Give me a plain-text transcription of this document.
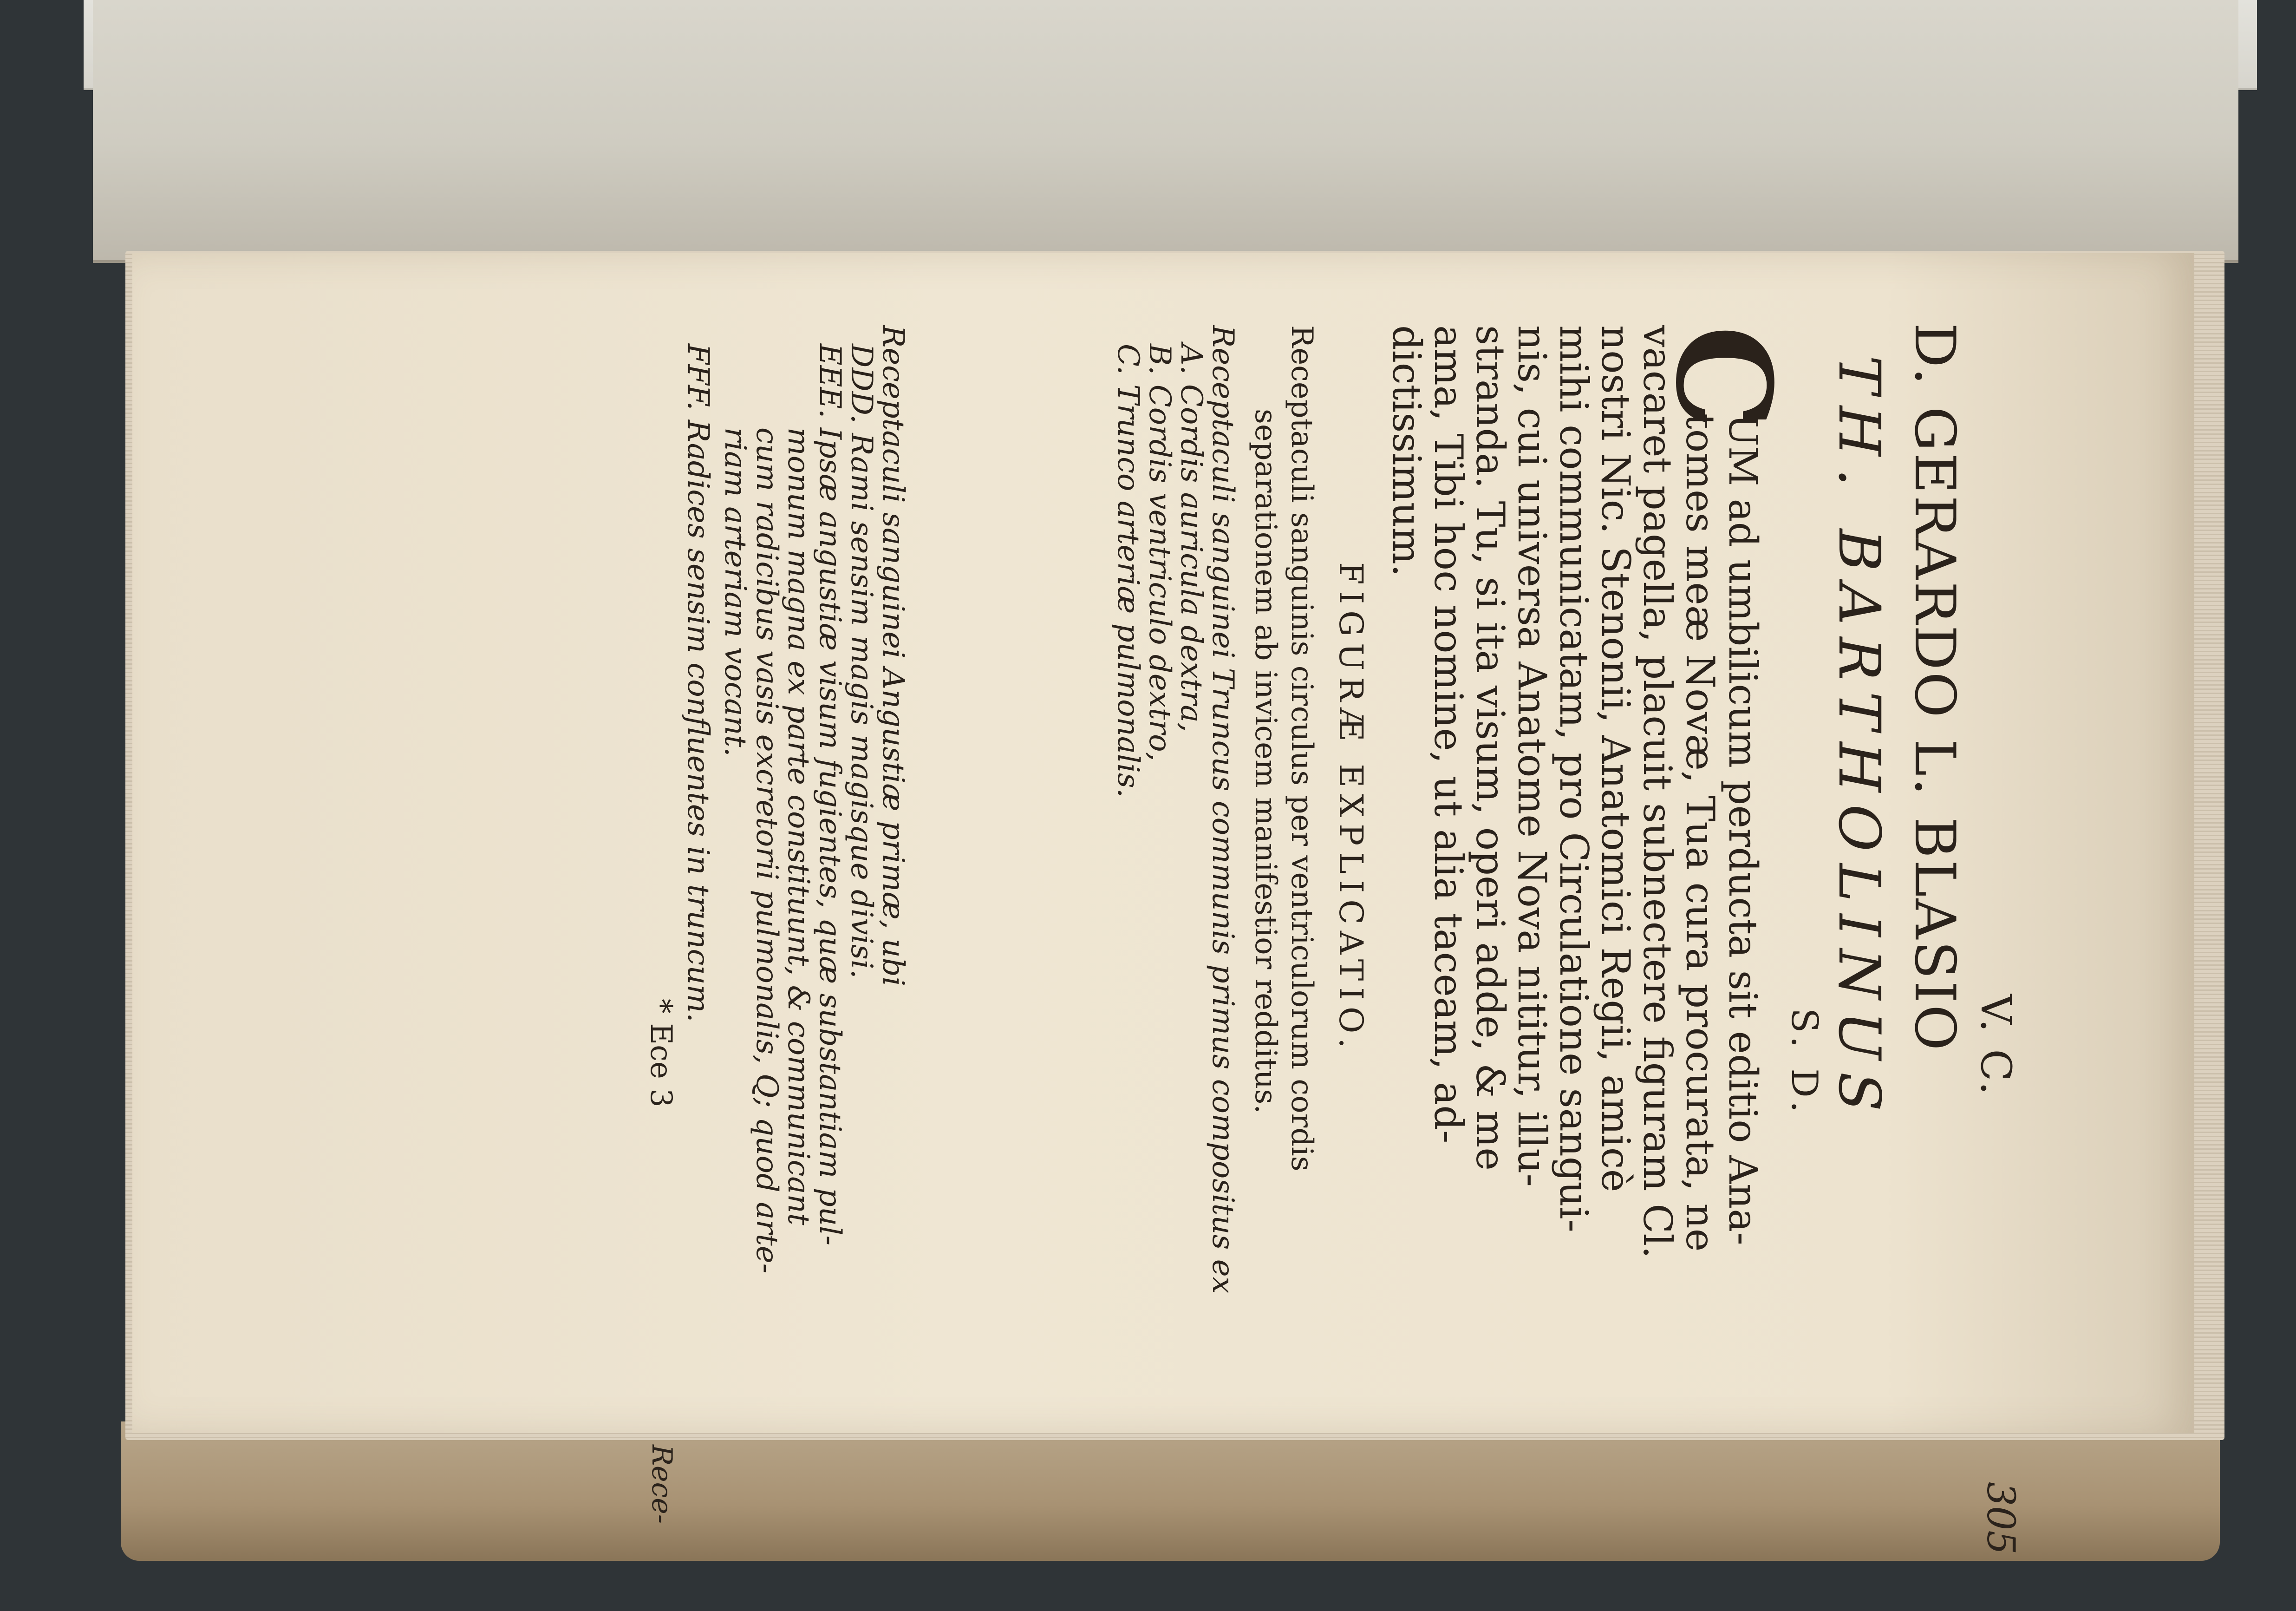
305
V. C.
D. GERARDO L. BLASIO
TH. BARTHOLINUS
S. D.
C
UM ad umbilicum perducta sit editio Ana-
tomes meæ Novæ, Tua cura procurata, ne
vacaret pagella, placuit subnectere figuram Cl.
nostri Nic. Stenonii, Anatomici Regii, amicè
mihi communicatam, pro Circulatione sangui-
nis, cui universa Anatome Nova nititur, illu-
stranda. Tu, si ita visum, operi adde, & me
ama, Tibi hoc nomine, ut alia taceam, ad-
dictissimum.
FIGURÆ EXPLICATIO.
Receptaculi sanguinis circulus per ventriculorum cordis
separationem ab invicem manifestior redditus.
Receptaculi sanguinei Truncus communis primus compositus ex
A. Cordis auricula dextra,
B. Cordis ventriculo dextro,
C. Trunco arteriæ pulmonalis.
Receptaculi sanguinei Angustiæ primæ, ubi
DDD. Rami sensim magis magisque divisi.
EEE. Ipsæ angustiæ visum fugientes, quæ substantiam pul-
monum magna ex parte constituunt, & communicant
cum radicibus vasis excretorii pulmonalis, Q; quod arte-
riam arteriam vocant.
FFF. Radices sensim confluentes in truncum.
* Ece 3
Rece-
